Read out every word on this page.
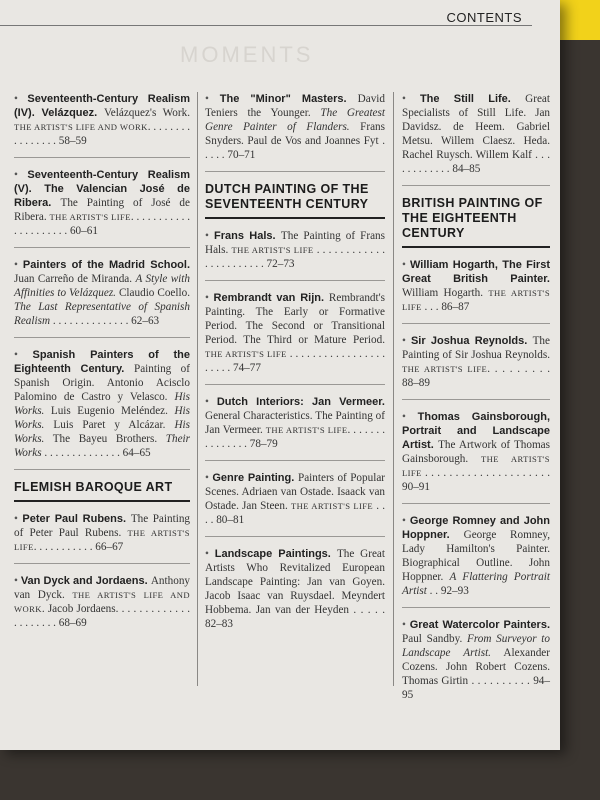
CONTENTS
MOMENTS
• Seventeenth-Century Realism (IV). Velázquez. Velázquez's Work. THE ARTIST'S LIFE AND WORK. . . . . . . . . . . . . . . . 58–59
• Seventeenth-Century Realism (V). The Valencian José de Ribera. The Painting of José de Ribera. THE ARTIST'S LIFE. . . . . . . . . . . . . . . . . . . . . 60–61
• Painters of the Madrid School. Juan Carreño de Miranda. A Style with Affinities to Velázquez. Claudio Coello. The Last Representative of Spanish Realism . . . . . . . . . . . . . . 62–63
• Spanish Painters of the Eighteenth Century. Painting of Spanish Origin. Antonio Acisclo Palomino de Castro y Velasco. His Works. Luis Eugenio Meléndez. His Works. Luis Paret y Alcázar. His Works. The Bayeu Brothers. Their Works . . . . . . . . . . . . . . 64–65
FLEMISH BAROQUE ART
• Peter Paul Rubens. The Painting of Peter Paul Rubens. THE ARTIST'S LIFE. . . . . . . . . . . 66–67
• Van Dyck and Jordaens. Anthony van Dyck. THE ARTIST'S LIFE AND WORK. Jacob Jordaens. . . . . . . . . . . . . . . . . . . . . 68–69
• The "Minor" Masters. David Teniers the Younger. The Greatest Genre Painter of Flanders. Frans Snyders. Paul de Vos and Joannes Fyt . . . . . 70–71
DUTCH PAINTING OF THE SEVENTEENTH CENTURY
• Frans Hals. The Painting of Frans Hals. THE ARTIST'S LIFE . . . . . . . . . . . . . . . . . . . . . . . 72–73
• Rembrandt van Rijn. Rembrandt's Painting. The Early or Formative Period. The Second or Transitional Period. The Third or Mature Period. THE ARTIST'S LIFE . . . . . . . . . . . . . . . . . . . . . . 74–77
• Dutch Interiors: Jan Vermeer. General Characteristics. The Painting of Jan Vermeer. THE ARTIST'S LIFE. . . . . . . . . . . . . . . 78–79
• Genre Painting. Painters of Popular Scenes. Adriaen van Ostade. Isaack van Ostade. Jan Steen. THE ARTIST'S LIFE . . . . 80–81
• Landscape Paintings. The Great Artists Who Revitalized European Landscape Painting: Jan van Goyen. Jacob Isaac van Ruysdael. Meyndert Hobbema. Jan van der Heyden . . . . . 82–83
• The Still Life. Great Specialists of Still Life. Jan Davidsz. de Heem. Gabriel Metsu. Willem Claesz. Heda. Rachel Ruysch. Willem Kalf . . . . . . . . . . . . 84–85
BRITISH PAINTING OF THE EIGHTEENTH CENTURY
• William Hogarth, The First Great British Painter. William Hogarth. THE ARTIST'S LIFE . . . 86–87
• Sir Joshua Reynolds. The Painting of Sir Joshua Reynolds. THE ARTIST'S LIFE. . . . . . . . . 88–89
• Thomas Gainsborough, Portrait and Landscape Artist. The Artwork of Thomas Gainsborough. THE ARTIST'S LIFE . . . . . . . . . . . . . . . . . . . . . 90–91
• George Romney and John Hoppner. George Romney, Lady Hamilton's Painter. Biographical Outline. John Hoppner. A Flattering Portrait Artist . . 92–93
• Great Watercolor Painters. Paul Sandby. From Surveyor to Landscape Artist. Alexander Cozens. John Robert Cozens. Thomas Girtin . . . . . . . . . . 94–95
